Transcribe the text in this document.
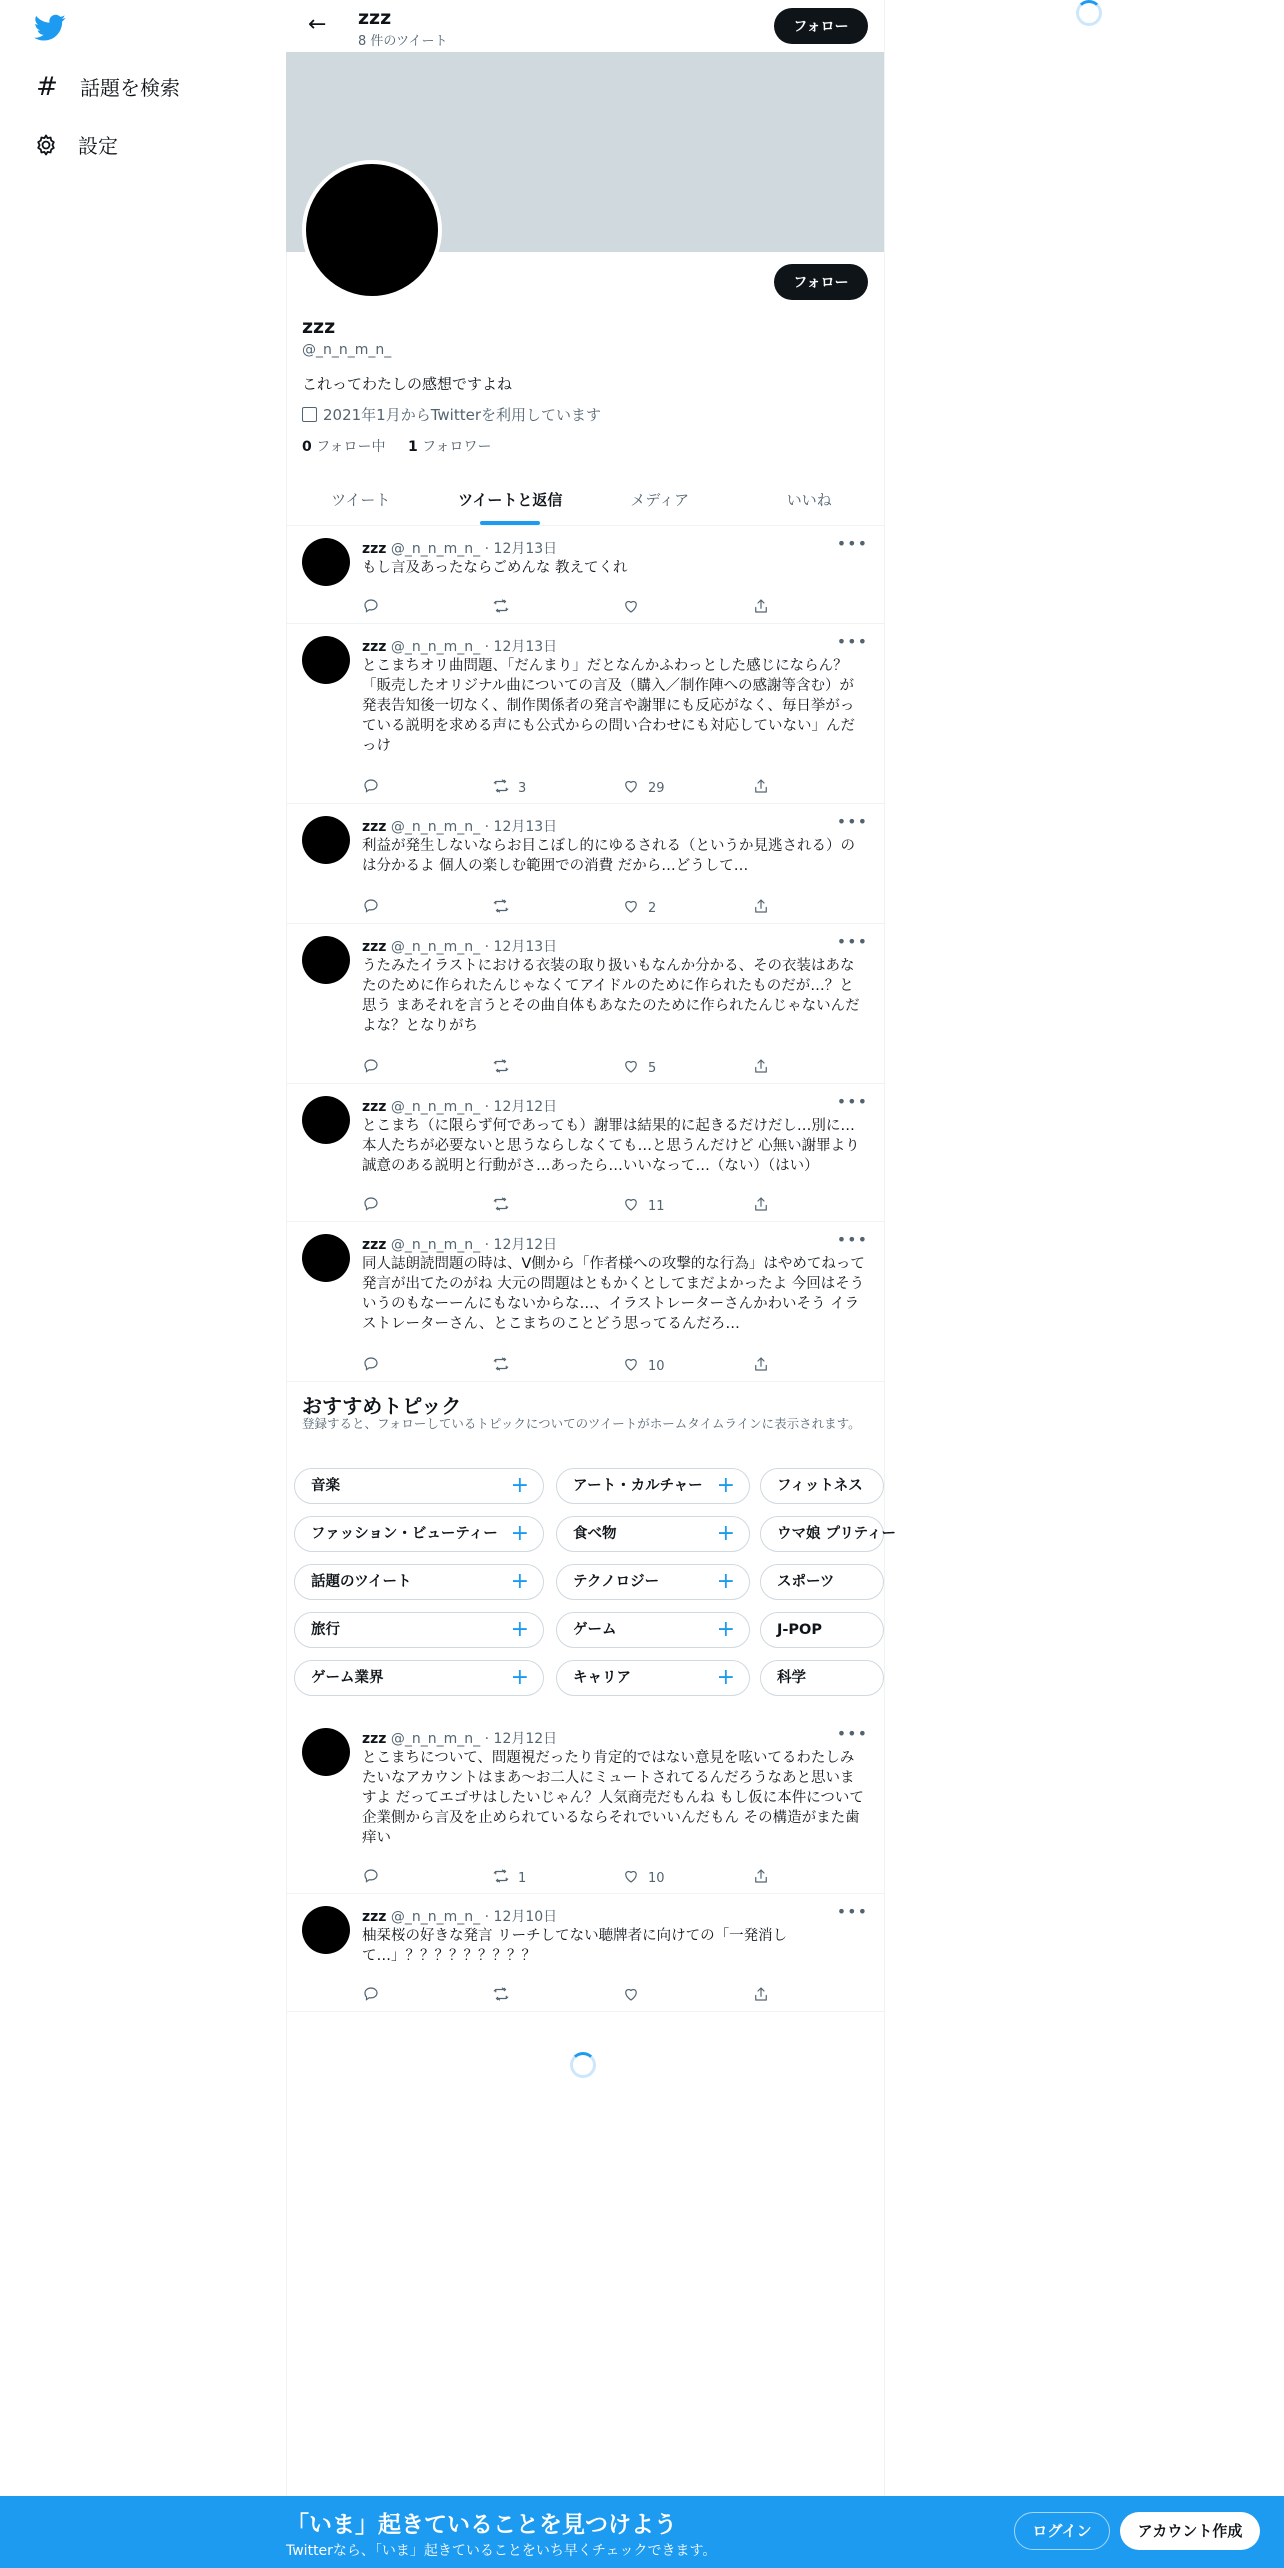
# 話題を検索
設定
← zzz
8 件のツイート
フォロー
フォロー
zzz
@_n_n_m_n_
これってわたしの感想ですよね
2021年1月からTwitterを利用しています
0 フォロー中 1 フォロワー
ツイート	ツイートと返信	メディア	いいね
zzz @_n_n_m_n_ · 12月13日	•••
もし言及あったならごめんな 教えてくれ
zzz @_n_n_m_n_ · 12月13日	•••
とこまちオリ曲問題、「だんまり」だとなんかふわっとした感じにならん？ 「販売したオリジナル曲についての言及（購入／制作陣への感謝等含む）が発表告知後一切なく、制作関係者の発言や謝罪にも反応がなく、毎日挙がっている説明を求める声にも公式からの問い合わせにも対応していない」んだっけ
3	29
zzz @_n_n_m_n_ · 12月13日	•••
利益が発生しないならお目こぼし的にゆるされる（というか見逃される）のは分かるよ 個人の楽しむ範囲での消費 だから…どうして…
2
zzz @_n_n_m_n_ · 12月13日	•••
うたみたイラストにおける衣装の取り扱いもなんか分かる、その衣装はあなたのために作られたんじゃなくてアイドルのために作られたものだが…？と思う まあそれを言うとその曲自体もあなたのために作られたんじゃないんだよな？となりがち
5
zzz @_n_n_m_n_ · 12月12日	•••
とこまち（に限らず何であっても）謝罪は結果的に起きるだけだし…別に…本人たちが必要ないと思うならしなくても…と思うんだけど 心無い謝罪より誠意のある説明と行動がさ…あったら…いいなって…（ない）（はい）
11
zzz @_n_n_m_n_ · 12月12日	•••
同人誌朗読問題の時は、V側から「作者様への攻撃的な行為」はやめてねって発言が出てたのがね 大元の問題はともかくとしてまだよかったよ 今回はそういうのもなーーんにもないからな…、イラストレーターさんかわいそう イラストレーターさん、とこまちのことどう思ってるんだろ…
10
zzz @_n_n_m_n_ · 12月12日	•••
とこまちについて、問題視だったり肯定的ではない意見を呟いてるわたしみたいなアカウントはまあ～お二人にミュートされてるんだろうなあと思いますよ だってエゴサはしたいじゃん？人気商売だもんね もし仮に本件について企業側から言及を止められているならそれでいいんだもん その構造がまた歯痒い
1	10
zzz @_n_n_m_n_ · 12月10日	•••
柚栞桜の好きな発言 リーチしてない聴牌者に向けての「一発消して…」？？？？？？？？？
おすすめトピック
登録すると、フォローしているトピックについてのツイートがホームタイムラインに表示されます。
音楽	+	アート・カルチャー +	フィットネス
ファッション・ビューティー +	食べ物	+	ウマ娘 プリティー
話題のツイート	+	テクノロジー	+	スポーツ
旅行	+	ゲーム	+	J-POP
ゲーム業界	+	キャリア	+	科学
「いま」起きていることを見つけよう
Twitterなら、「いま」起きていることをいち早くチェックできます。
ログイン	アカウント作成
